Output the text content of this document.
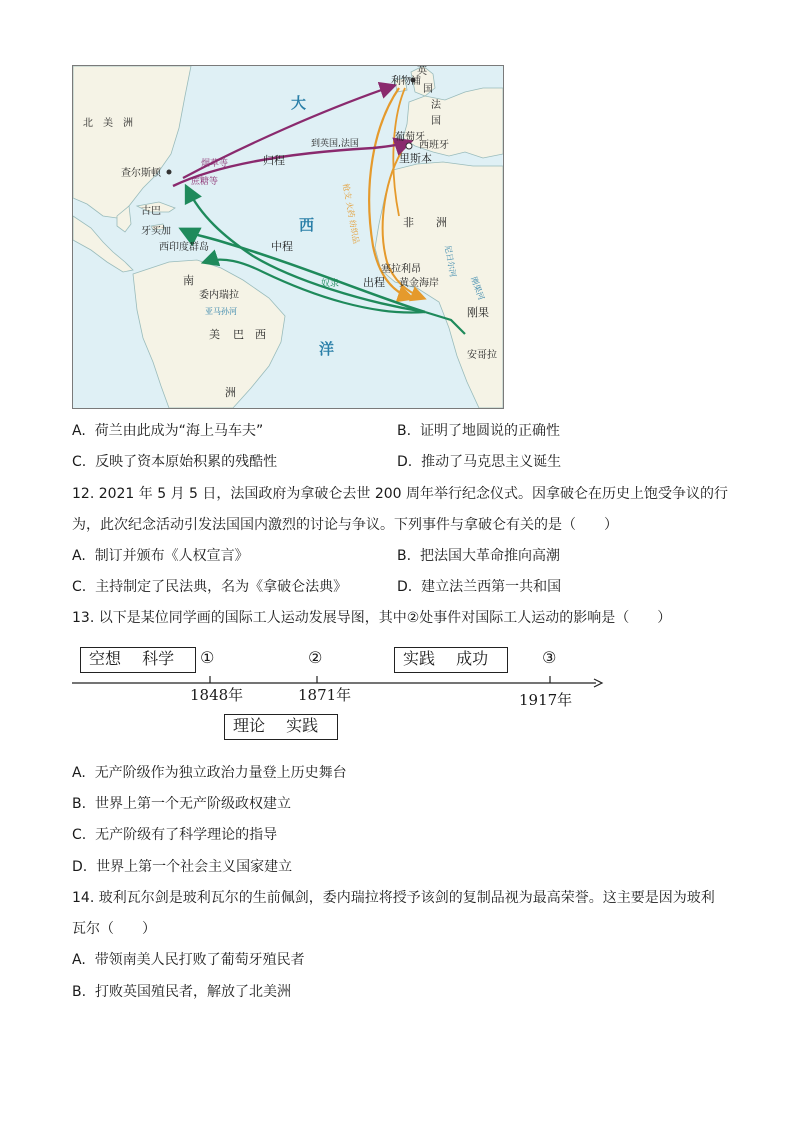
北　美　洲
查尔斯顿
古巴
牙买加
西印度群岛
委内瑞拉
南
美
洲
巴　西
非　　洲
英
国
利物浦
法
国
葡萄牙
西班牙
里斯本
塞拉利昂
黄金海岸
刚果
安哥拉
归程
中程
出程
到英国,法国
烟草等
蔗糖等
奴隶
枪支 火药 纺织品
大
西
洋
尼日尔河
刚果河
亚马孙河
A. 荷兰由此成为“海上马车夫”	B. 证明了地圆说的正确性
C. 反映了资本原始积累的残酷性	D. 推动了马克思主义诞生
12. 2021 年 5 月 5 日，法国政府为拿破仑去世 200 周年举行纪念仪式。因拿破仑在历史上饱受争议的行
为，此次纪念活动引发法国国内激烈的讨论与争议。下列事件与拿破仑有关的是（　　）
A. 制订并颁布《人权宣言》	B. 把法国大革命推向高潮
C. 主持制定了民法典，名为《拿破仑法典》	D. 建立法兰西第一共和国
13. 以下是某位同学画的国际工人运动发展导图，其中②处事件对国际工人运动的影响是（　　）
空想　 科学	实践　 成功
理论　 实践
①	②	③
1848年	1871年	1917年
A. 无产阶级作为独立政治力量登上历史舞台
B. 世界上第一个无产阶级政权建立
C. 无产阶级有了科学理论的指导
D. 世界上第一个社会主义国家建立
14. 玻利瓦尔剑是玻利瓦尔的生前佩剑，委内瑞拉将授予该剑的复制品视为最高荣誉。这主要是因为玻利
瓦尔（　　）
A. 带领南美人民打败了葡萄牙殖民者
B. 打败英国殖民者，解放了北美洲
